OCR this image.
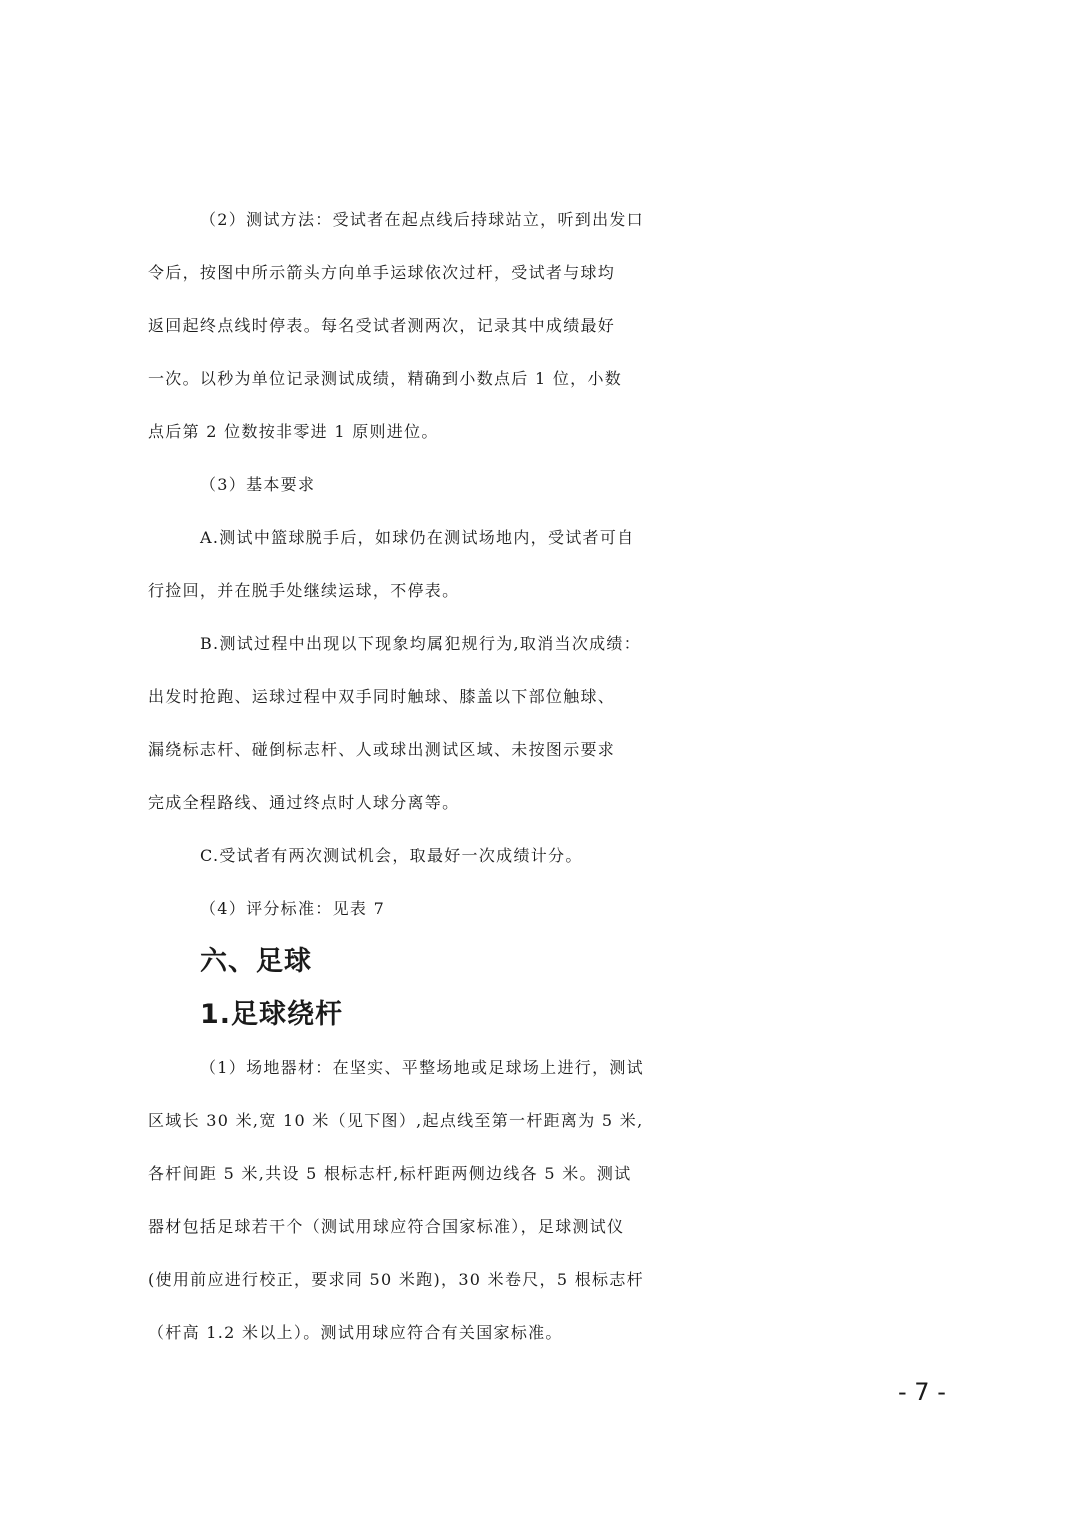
（2）测试方法：受试者在起点线后持球站立，听到出发口
令后，按图中所示箭头方向单手运球依次过杆，受试者与球均
返回起终点线时停表。每名受试者测两次，记录其中成绩最好
一次。以秒为单位记录测试成绩，精确到小数点后 1 位，小数
点后第 2 位数按非零进 1 原则进位。
（3）基本要求
A.测试中篮球脱手后，如球仍在测试场地内，受试者可自
行捡回，并在脱手处继续运球，不停表。
B.测试过程中出现以下现象均属犯规行为,取消当次成绩：
出发时抢跑、运球过程中双手同时触球、膝盖以下部位触球、
漏绕标志杆、碰倒标志杆、人或球出测试区域、未按图示要求
完成全程路线、通过终点时人球分离等。
C.受试者有两次测试机会，取最好一次成绩计分。
（4）评分标准：见表 7
六、足球
1.足球绕杆
（1）场地器材：在坚实、平整场地或足球场上进行，测试
区域长 30 米,宽 10 米（见下图）,起点线至第一杆距离为 5 米,
各杆间距 5 米,共设 5 根标志杆,标杆距两侧边线各 5 米。测试
器材包括足球若干个（测试用球应符合国家标准），足球测试仪
(使用前应进行校正，要求同 50 米跑)，30 米卷尺，5 根标志杆
（杆高 1.2 米以上）。测试用球应符合有关国家标准。
- 7 -
